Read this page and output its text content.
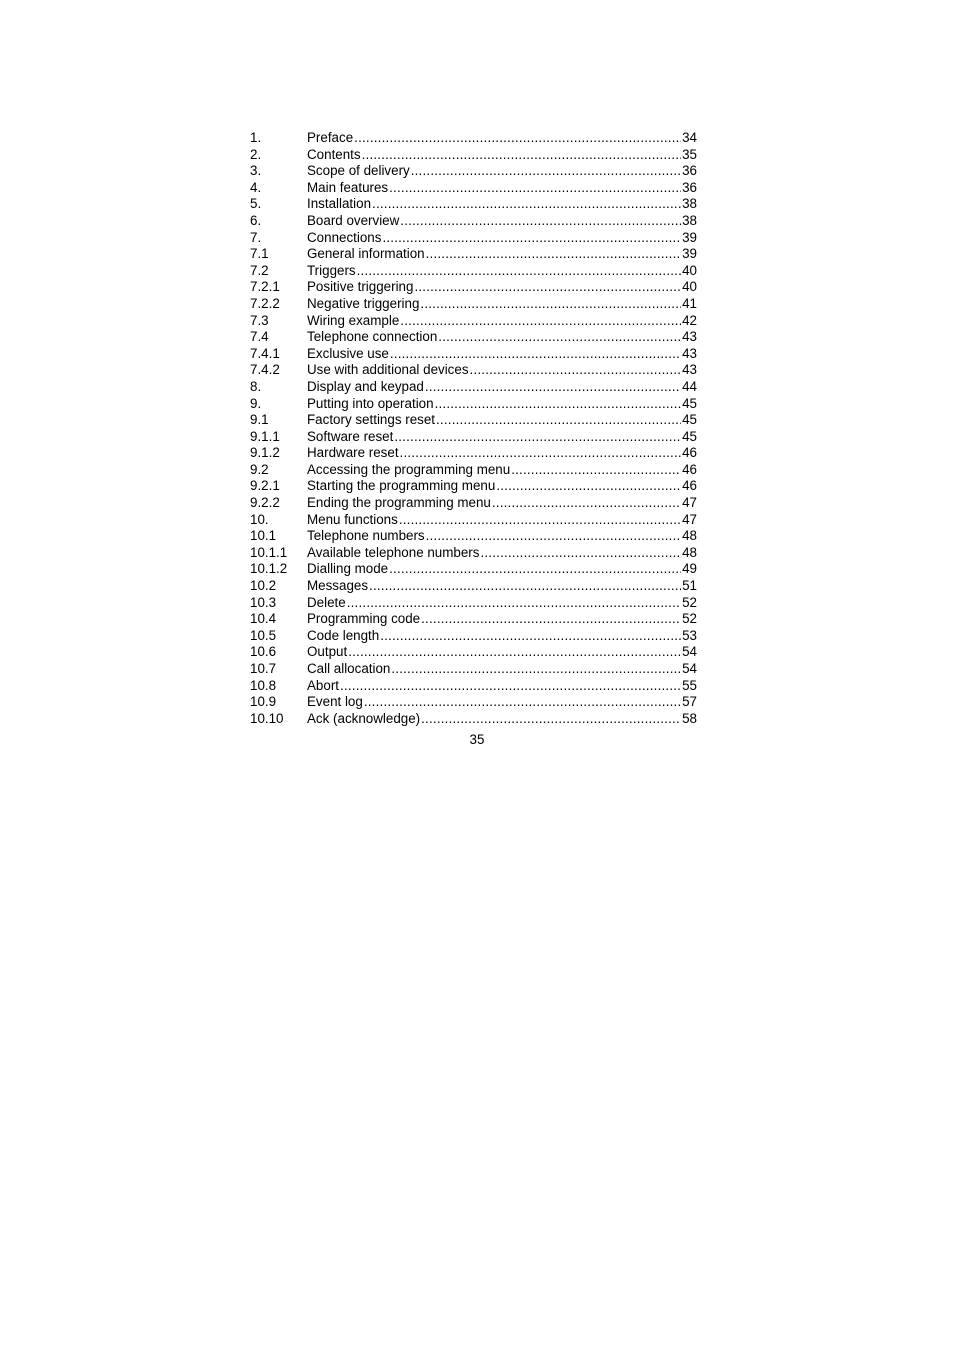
1.	Preface .....	34
2.	Contents .....	35
3.	Scope of delivery .....	36
4.	Main features .....	36
5.	Installation .....	38
6.	Board overview .....	38
7.	Connections .....	39
7.1	General information .....	39
7.2	Triggers .....	40
7.2.1	Positive triggering .....	40
7.2.2	Negative triggering .....	41
7.3	Wiring example .....	42
7.4	Telephone connection .....	43
7.4.1	Exclusive use .....	43
7.4.2	Use with additional devices .....	43
8.	Display and keypad .....	44
9.	Putting into operation .....	45
9.1	Factory settings reset .....	45
9.1.1	Software reset .....	45
9.1.2	Hardware reset .....	46
9.2	Accessing the programming menu .....	46
9.2.1	Starting the programming menu .....	46
9.2.2	Ending the programming menu .....	47
10.	Menu functions .....	47
10.1	Telephone numbers .....	48
10.1.1	Available telephone numbers .....	48
10.1.2	Dialling mode .....	49
10.2	Messages .....	51
10.3	Delete .....	52
10.4	Programming code .....	52
10.5	Code length .....	53
10.6	Output .....	54
10.7	Call allocation .....	54
10.8	Abort .....	55
10.9	Event log .....	57
10.10	Ack (acknowledge) .....	58
35
